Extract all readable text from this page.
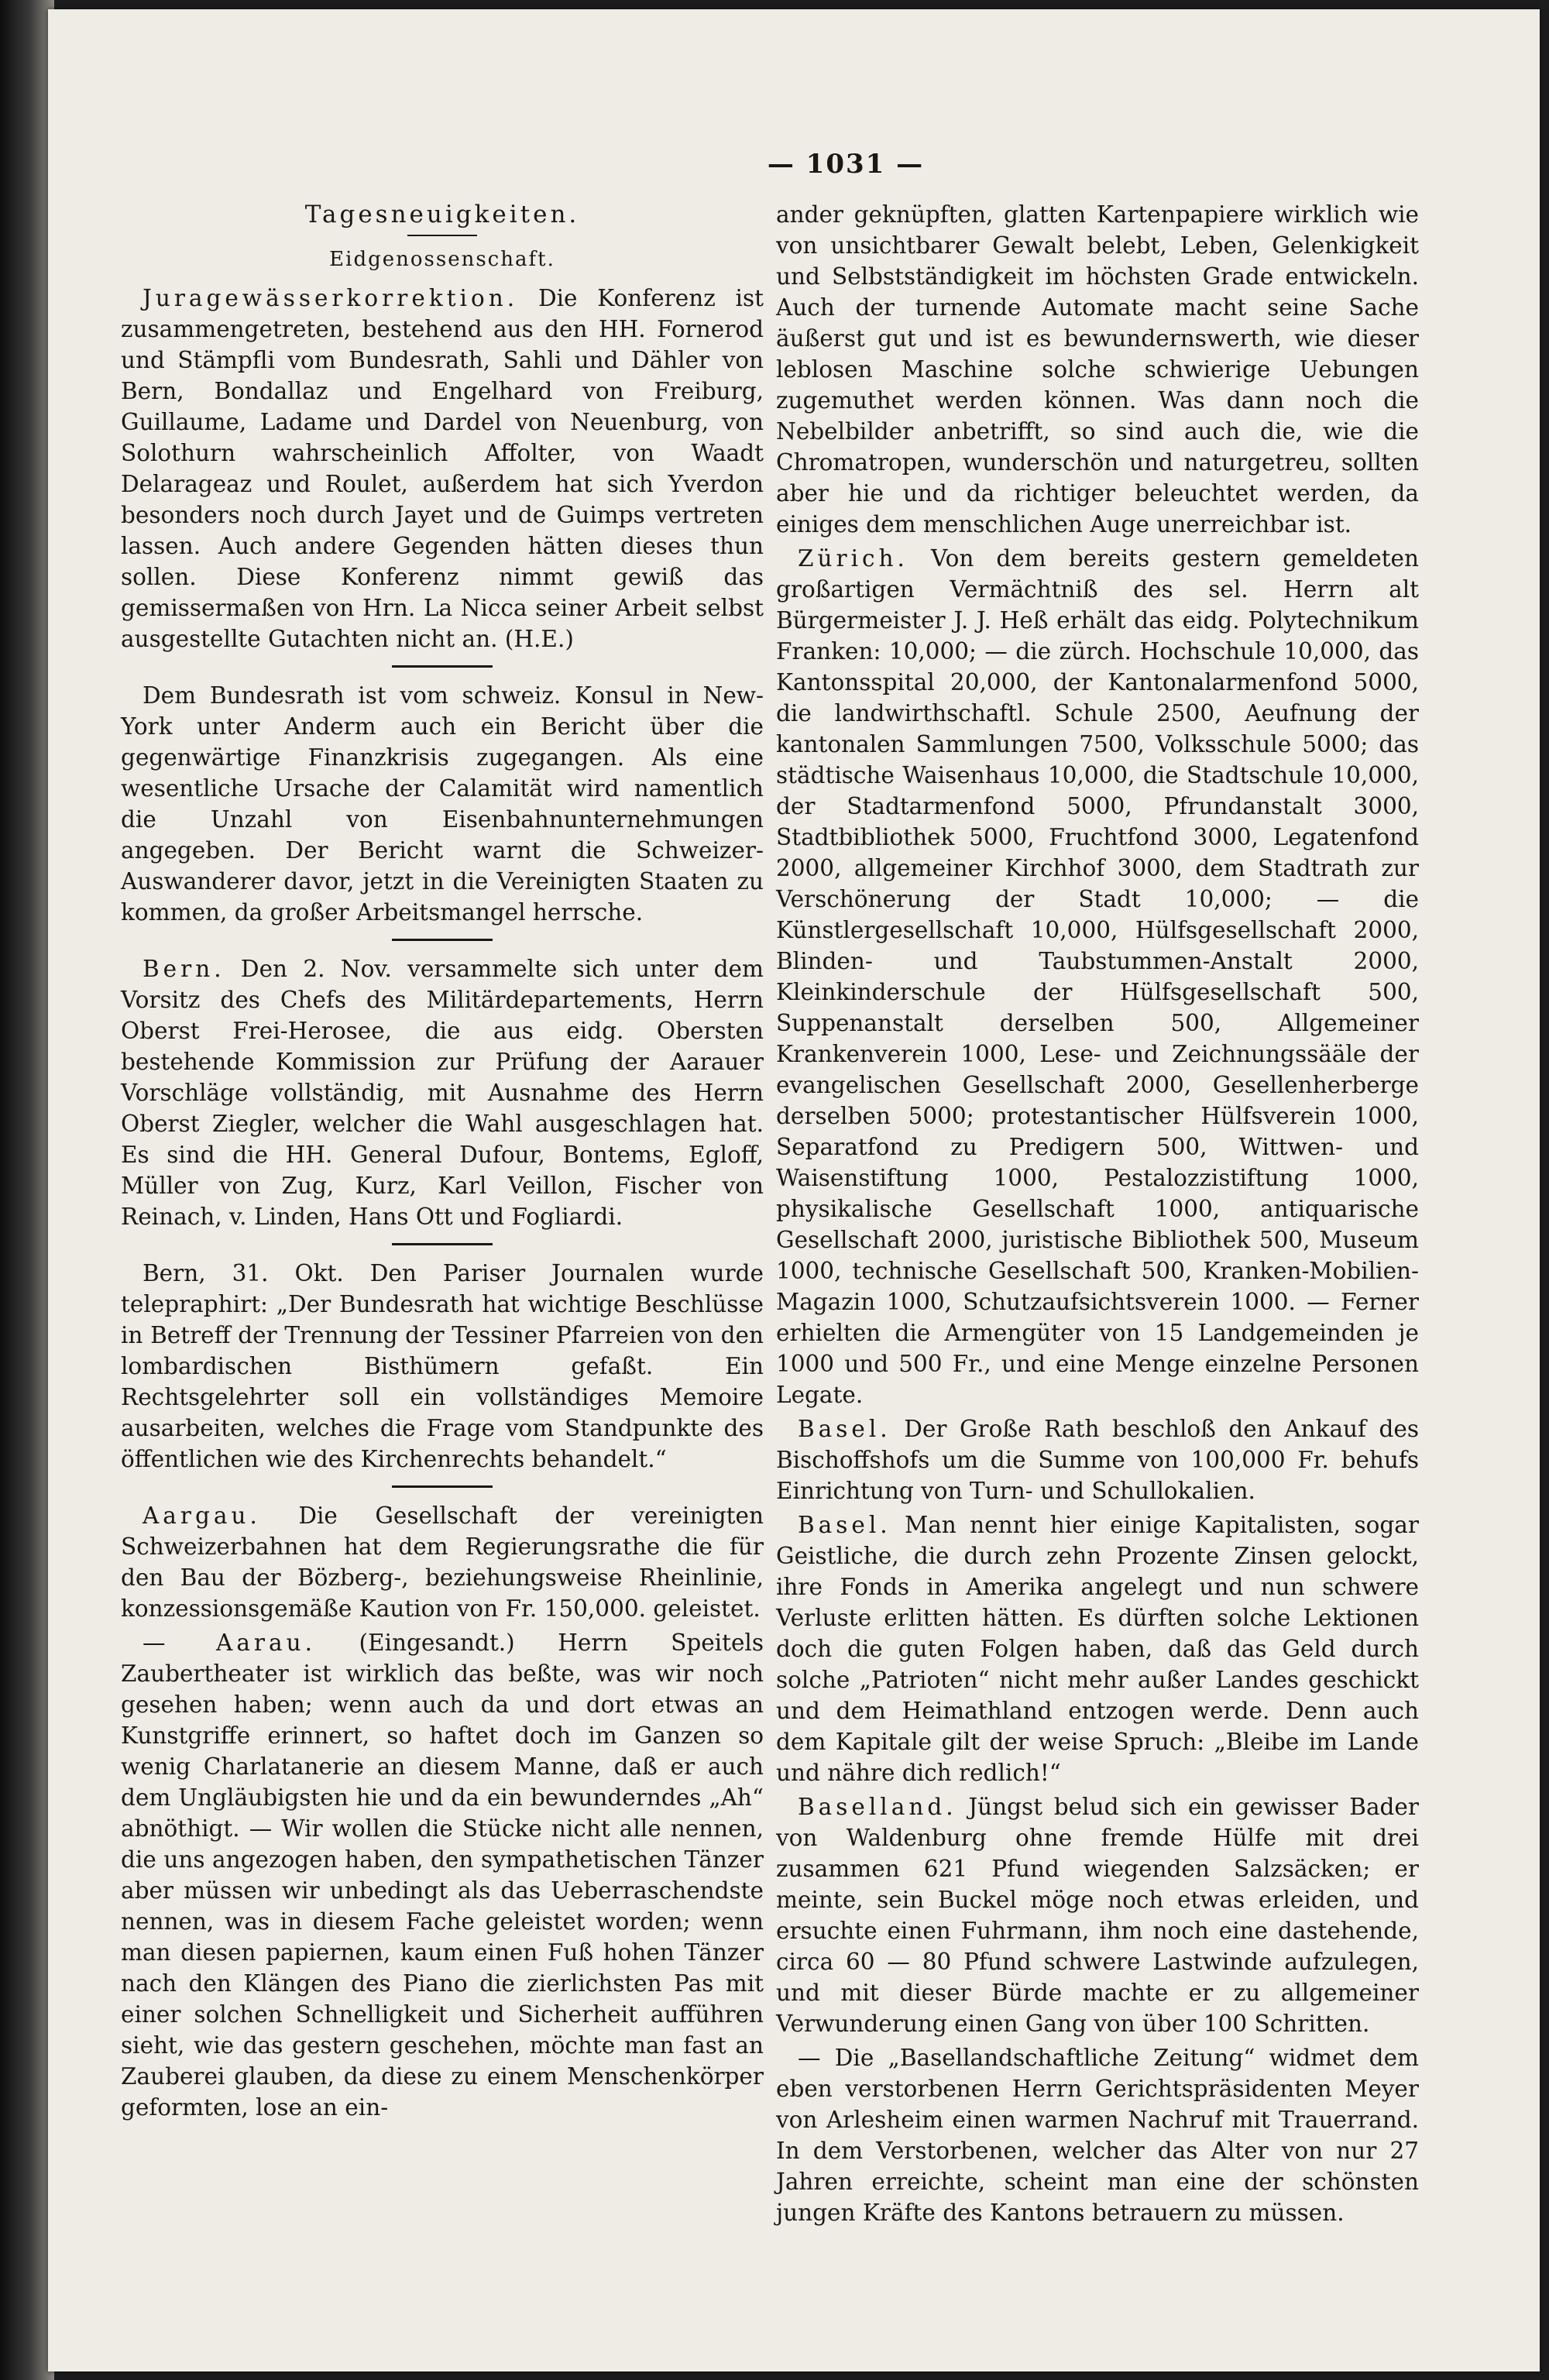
— 1031 —
Tagesneuigkeiten.
Eidgenossenschaft.

Juragewässerkorrektion. Die Konferenz ist zusammengetreten, bestehend aus den HH. Fornerod und Stämpfli vom Bundesrath, Sahli und Dähler von Bern, Bondallaz und Engelhard von Freiburg, Guillaume, Ladame und Dardel von Neuenburg, von Solothurn wahrscheinlich Affolter, von Waadt Delarageaz und Roulet, außerdem hat sich Yverdon besonders noch durch Jayet und de Guimps vertreten lassen. Auch andere Gegenden hätten dieses thun sollen. Diese Konferenz nimmt gewiß das gemissermaßen von Hrn. La Nicca seiner Arbeit selbst ausgestellte Gutachten nicht an. (H.E.)

Dem Bundesrath ist vom schweiz. Konsul in New-York unter Anderm auch ein Bericht über die gegenwärtige Finanzkrisis zugegangen. Als eine wesentliche Ursache der Calamität wird namentlich die Unzahl von Eisenbahnunternehmungen angegeben. Der Bericht warnt die Schweizer-Auswanderer davor, jetzt in die Vereinigten Staaten zu kommen, da großer Arbeitsmangel herrsche.

Bern. Den 2. Nov. versammelte sich unter dem Vorsitz des Chefs des Militärdepartements, Herrn Oberst Frei-Herosee, die aus eidg. Obersten bestehende Kommission zur Prüfung der Aarauer Vorschläge vollständig, mit Ausnahme des Herrn Oberst Ziegler, welcher die Wahl ausgeschlagen hat. Es sind die HH. General Dufour, Bontems, Egloff, Müller von Zug, Kurz, Karl Veillon, Fischer von Reinach, v. Linden, Hans Ott und Fogliardi.

Bern, 31. Okt. Den Pariser Journalen wurde telepraphirt: „Der Bundesrath hat wichtige Beschlüsse in Betreff der Trennung der Tessiner Pfarreien von den lombardischen Bisthümern gefaßt. Ein Rechtsgelehrter soll ein vollständiges Memoire ausarbeiten, welches die Frage vom Standpunkte des öffentlichen wie des Kirchenrechts behandelt.“

Aargau. Die Gesellschaft der vereinigten Schweizerbahnen hat dem Regierungsrathe die für den Bau der Bözberg-, beziehungsweise Rheinlinie, konzessionsgemäße Kaution von Fr. 150,000. geleistet.

— Aarau. (Eingesandt.) Herrn Speitels Zaubertheater ist wirklich das beßte, was wir noch gesehen haben; wenn auch da und dort etwas an Kunstgriffe erinnert, so haftet doch im Ganzen so wenig Charlatanerie an diesem Manne, daß er auch dem Ungläubigsten hie und da ein bewunderndes „Ah“ abnöthigt. — Wir wollen die Stücke nicht alle nennen, die uns angezogen haben, den sympathetischen Tänzer aber müssen wir unbedingt als das Ueberraschendste nennen, was in diesem Fache geleistet worden; wenn man diesen papiernen, kaum einen Fuß hohen Tänzer nach den Klängen des Piano die zierlichsten Pas mit einer solchen Schnelligkeit und Sicherheit aufführen sieht, wie das gestern geschehen, möchte man fast an Zauberei glauben, da diese zu einem Menschenkörper geformten, lose an ein-

ander geknüpften, glatten Kartenpapiere wirklich wie von unsichtbarer Gewalt belebt, Leben, Gelenkigkeit und Selbstständigkeit im höchsten Grade entwickeln. Auch der turnende Automate macht seine Sache äußerst gut und ist es bewundernswerth, wie dieser leblosen Maschine solche schwierige Uebungen zugemuthet werden können. Was dann noch die Nebelbilder anbetrifft, so sind auch die, wie die Chromatropen, wunderschön und naturgetreu, sollten aber hie und da richtiger beleuchtet werden, da einiges dem menschlichen Auge unerreichbar ist.

Zürich. Von dem bereits gestern gemeldeten großartigen Vermächtniß des sel. Herrn alt Bürgermeister J. J. Heß erhält das eidg. Polytechnikum Franken: 10,000; — die zürch. Hochschule 10,000, das Kantonsspital 20,000, der Kantonalarmenfond 5000, die landwirthschaftl. Schule 2500, Aeufnung der kantonalen Sammlungen 7500, Volksschule 5000; das städtische Waisenhaus 10,000, die Stadtschule 10,000, der Stadtarmenfond 5000, Pfrundanstalt 3000, Stadtbibliothek 5000, Fruchtfond 3000, Legatenfond 2000, allgemeiner Kirchhof 3000, dem Stadtrath zur Verschönerung der Stadt 10,000; — die Künstlergesellschaft 10,000, Hülfsgesellschaft 2000, Blinden- und Taubstummen-Anstalt 2000, Kleinkinderschule der Hülfsgesellschaft 500, Suppenanstalt derselben 500, Allgemeiner Krankenverein 1000, Lese- und Zeichnungssääle der evangelischen Gesellschaft 2000, Gesellenherberge derselben 5000; protestantischer Hülfsverein 1000, Separatfond zu Predigern 500, Wittwen- und Waisenstiftung 1000, Pestalozzistiftung 1000, physikalische Gesellschaft 1000, antiquarische Gesellschaft 2000, juristische Bibliothek 500, Museum 1000, technische Gesellschaft 500, Kranken-Mobilien-Magazin 1000, Schutzaufsichtsverein 1000. — Ferner erhielten die Armengüter von 15 Landgemeinden je 1000 und 500 Fr., und eine Menge einzelne Personen Legate.

Basel. Der Große Rath beschloß den Ankauf des Bischoffshofs um die Summe von 100,000 Fr. behufs Einrichtung von Turn- und Schullokalien.

Basel. Man nennt hier einige Kapitalisten, sogar Geistliche, die durch zehn Prozente Zinsen gelockt, ihre Fonds in Amerika angelegt und nun schwere Verluste erlitten hätten. Es dürften solche Lektionen doch die guten Folgen haben, daß das Geld durch solche „Patrioten“ nicht mehr außer Landes geschickt und dem Heimathland entzogen werde. Denn auch dem Kapitale gilt der weise Spruch: „Bleibe im Lande und nähre dich redlich!“

Baselland. Jüngst belud sich ein gewisser Bader von Waldenburg ohne fremde Hülfe mit drei zusammen 621 Pfund wiegenden Salzsäcken; er meinte, sein Buckel möge noch etwas erleiden, und ersuchte einen Fuhrmann, ihm noch eine dastehende, circa 60 — 80 Pfund schwere Lastwinde aufzulegen, und mit dieser Bürde machte er zu allgemeiner Verwunderung einen Gang von über 100 Schritten.

— Die „Basellandschaftliche Zeitung“ widmet dem eben verstorbenen Herrn Gerichtspräsidenten Meyer von Arlesheim einen warmen Nachruf mit Trauerrand. In dem Verstorbenen, welcher das Alter von nur 27 Jahren erreichte, scheint man eine der schönsten jungen Kräfte des Kantons betrauern zu müssen.
